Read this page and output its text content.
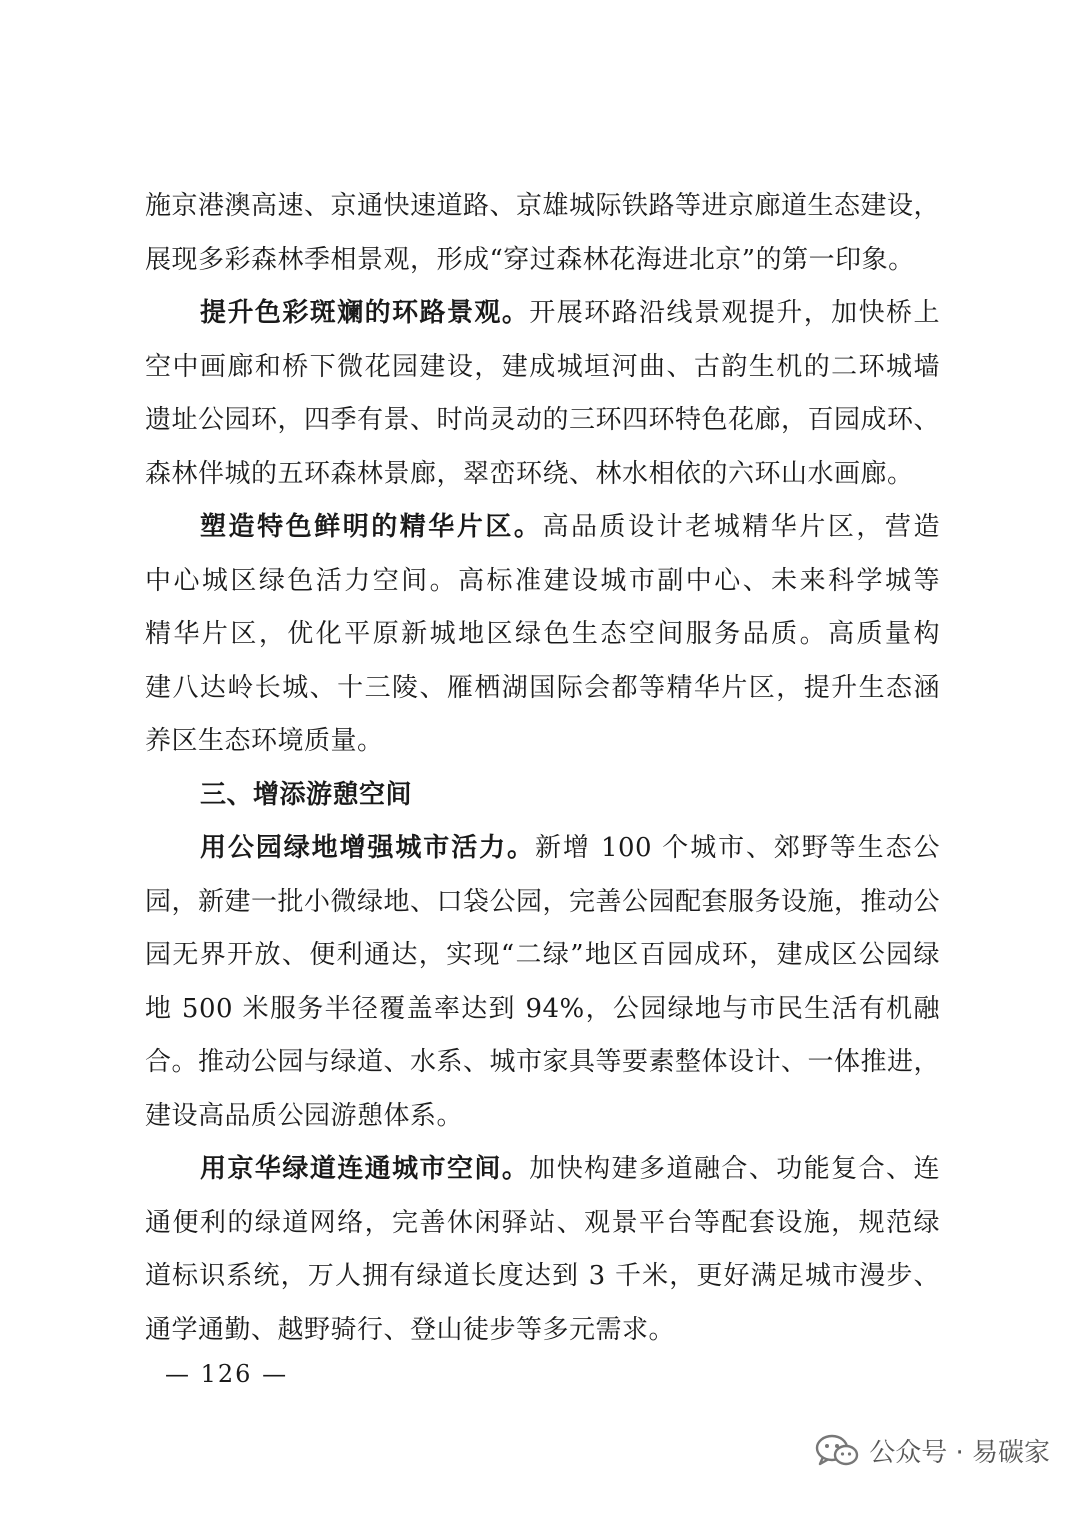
施京港澳高速、京通快速道路、京雄城际铁路等进京廊道生态建设，
展现多彩森林季相景观，形成“穿过森林花海进北京”的第一印象。
提升色彩斑斓的环路景观。开展环路沿线景观提升，加快桥上
空中画廊和桥下微花园建设，建成城垣河曲、古韵生机的二环城墙
遗址公园环，四季有景、时尚灵动的三环四环特色花廊，百园成环、
森林伴城的五环森林景廊，翠峦环绕、林水相依的六环山水画廊。
塑造特色鲜明的精华片区。高品质设计老城精华片区，营造
中心城区绿色活力空间。高标准建设城市副中心、未来科学城等
精华片区，优化平原新城地区绿色生态空间服务品质。高质量构
建八达岭长城、十三陵、雁栖湖国际会都等精华片区，提升生态涵
养区生态环境质量。
三、增添游憩空间
用公园绿地增强城市活力。新增 100 个城市、郊野等生态公
园，新建一批小微绿地、口袋公园，完善公园配套服务设施，推动公
园无界开放、便利通达，实现“二绿”地区百园成环，建成区公园绿
地 500 米服务半径覆盖率达到 94%，公园绿地与市民生活有机融
合。推动公园与绿道、水系、城市家具等要素整体设计、一体推进，
建设高品质公园游憩体系。
用京华绿道连通城市空间。加快构建多道融合、功能复合、连
通便利的绿道网络，完善休闲驿站、观景平台等配套设施，规范绿
道标识系统，万人拥有绿道长度达到 3 千米，更好满足城市漫步、
通学通勤、越野骑行、登山徒步等多元需求。
— 126 —
公众号 · 易碳家
